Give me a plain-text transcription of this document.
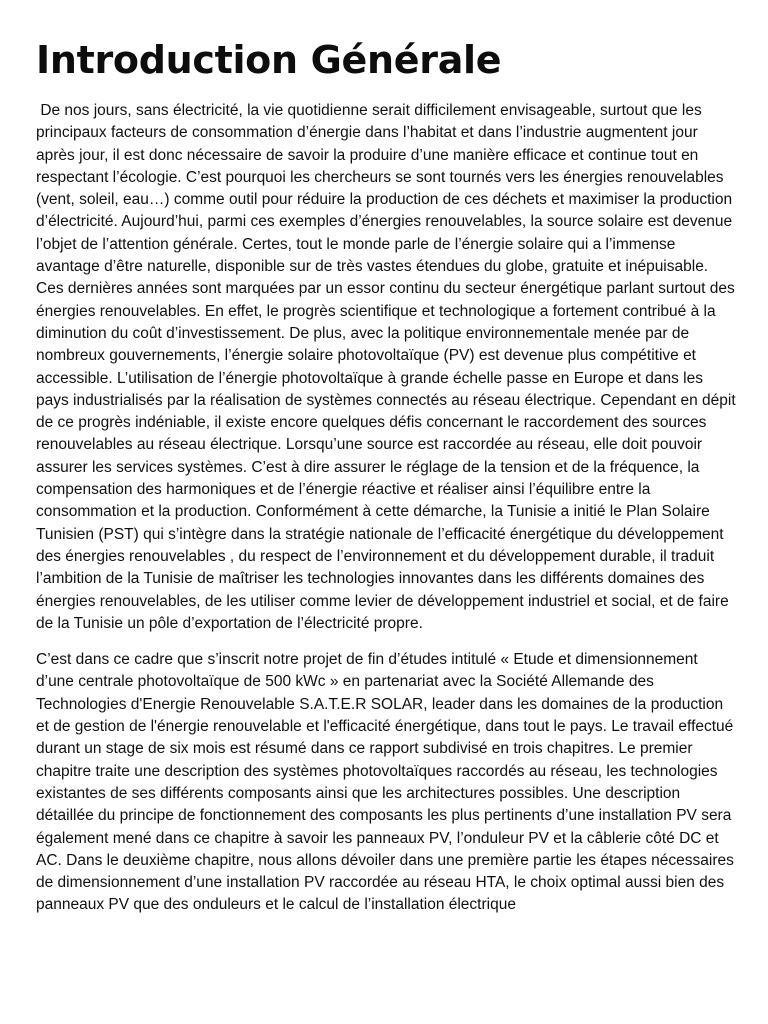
Introduction Générale

De nos jours, sans électricité, la vie quotidienne serait difficilement envisageable, surtout que les principaux facteurs de consommation d’énergie dans l’habitat et dans l’industrie augmentent jour après jour, il est donc nécessaire de savoir la produire d’une manière efficace et continue tout en respectant l’écologie. C’est pourquoi les chercheurs se sont tournés vers les énergies renouvelables (vent, soleil, eau…) comme outil pour réduire la production de ces déchets et maximiser la production d’électricité. Aujourd’hui, parmi ces exemples d’énergies renouvelables, la source solaire est devenue l’objet de l’attention générale. Certes, tout le monde parle de l’énergie solaire qui a l’immense avantage d’être naturelle, disponible sur de très vastes étendues du globe, gratuite et inépuisable. Ces dernières années sont marquées par un essor continu du secteur énergétique parlant surtout des énergies renouvelables. En effet, le progrès scientifique et technologique a fortement contribué à la diminution du coût d’investissement. De plus, avec la politique environnementale menée par de nombreux gouvernements, l’énergie solaire photovoltaïque (PV) est devenue plus compétitive et accessible. L’utilisation de l’énergie photovoltaïque à grande échelle passe en Europe et dans les pays industrialisés par la réalisation de systèmes connectés au réseau électrique. Cependant en dépit de ce progrès indéniable, il existe encore quelques défis concernant le raccordement des sources renouvelables au réseau électrique. Lorsqu’une source est raccordée au réseau, elle doit pouvoir assurer les services systèmes. C’est à dire assurer le réglage de la tension et de la fréquence, la compensation des harmoniques et de l’énergie réactive et réaliser ainsi l’équilibre entre la consommation et la production. Conformément à cette démarche, la Tunisie a initié le Plan Solaire Tunisien (PST) qui s’intègre dans la stratégie nationale de l’efficacité énergétique du développement des énergies renouvelables , du respect de l’environnement et du développement durable, il traduit l’ambition de la Tunisie de maîtriser les technologies innovantes dans les différents domaines des énergies renouvelables, de les utiliser comme levier de développement industriel et social, et de faire de la Tunisie un pôle d’exportation de l’électricité propre.

C’est dans ce cadre que s’inscrit notre projet de fin d’études intitulé « Etude et dimensionnement d’une centrale photovoltaïque de 500 kWc » en partenariat avec la Société Allemande des Technologies d'Energie Renouvelable S.A.T.E.R SOLAR, leader dans les domaines de la production et de gestion de l'énergie renouvelable et l'efficacité énergétique, dans tout le pays. Le travail effectué durant un stage de six mois est résumé dans ce rapport subdivisé en trois chapitres. Le premier chapitre traite une description des systèmes photovoltaïques raccordés au réseau, les technologies existantes de ses différents composants ainsi que les architectures possibles. Une description détaillée du principe de fonctionnement des composants les plus pertinents d’une installation PV sera également mené dans ce chapitre à savoir les panneaux PV, l’onduleur PV et la câblerie côté DC et AC. Dans le deuxième chapitre, nous allons dévoiler dans une première partie les étapes nécessaires de dimensionnement d’une installation PV raccordée au réseau HTA, le choix optimal aussi bien des panneaux PV que des onduleurs et le calcul de l’installation électrique
